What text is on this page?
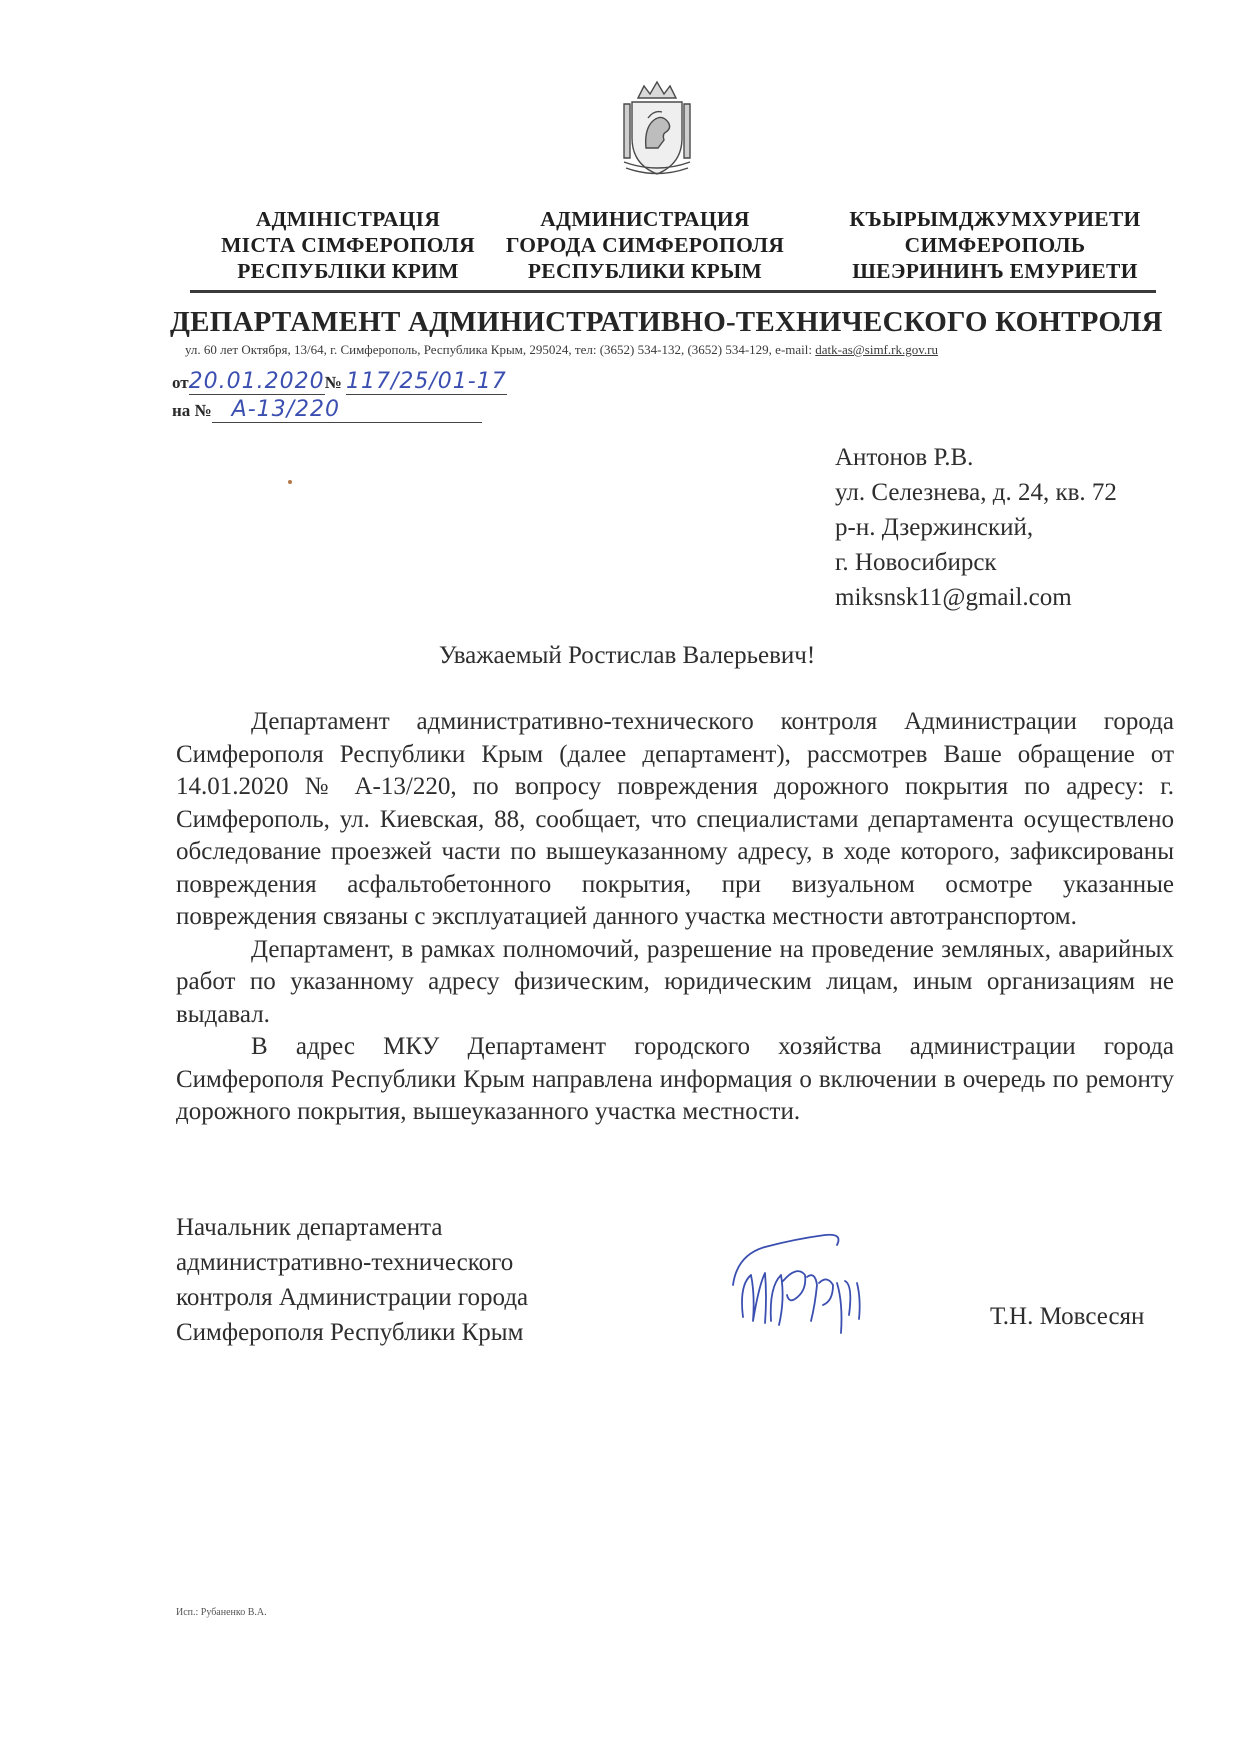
АДМІНІСТРАЦІЯ
МІСТА СІМФЕРОПОЛЯ
РЕСПУБЛІКИ КРИМ
АДМИНИСТРАЦИЯ
ГОРОДА СИМФЕРОПОЛЯ
РЕСПУБЛИКИ КРЫМ
КЪЫРЫМДЖУМХУРИЕТИ
СИМФЕРОПОЛЬ
ШЕЭРИНИНЪ ЕМУРИЕТИ
ДЕПАРТАМЕНТ АДМИНИСТРАТИВНО-ТЕХНИЧЕСКОГО КОНТРОЛЯ
ул. 60 лет Октября, 13/64, г. Симферополь, Республика Крым, 295024, тел: (3652) 534-132, (3652) 534-129, e-mail: datk-as@simf.rk.gov.ru
от20.01.2020№ 117/25/01-17
на № А-13/220
Антонов Р.В.
ул. Селезнева, д. 24, кв. 72
р-н. Дзержинский,
г. Новосибирск
miksnsk11@gmail.com
Уважаемый Ростислав Валерьевич!

Департамент административно-технического контроля Администрации города Симферополя Республики Крым (далее департамент), рассмотрев Ваше обращение от 14.01.2020 № А-13/220, по вопросу повреждения дорожного покрытия по адресу: г. Симферополь, ул. Киевская, 88, сообщает, что специалистами департамента осуществлено обследование проезжей части по вышеуказанному адресу, в ходе которого, зафиксированы повреждения асфальтобетонного покрытия, при визуальном осмотре указанные повреждения связаны с эксплуатацией данного участка местности автотранспортом.

Департамент, в рамках полномочий, разрешение на проведение земляных, аварийных работ по указанному адресу физическим, юридическим лицам, иным организациям не выдавал.

В адрес МКУ Департамент городского хозяйства администрации города Симферополя Республики Крым направлена информация о включении в очередь по ремонту дорожного покрытия, вышеуказанного участка местности.

Начальник департамента
административно-технического
контроля Администрации города
Симферополя Республики Крым
Т.Н. Мовсесян
Исп.: Рубаненко В.А.
